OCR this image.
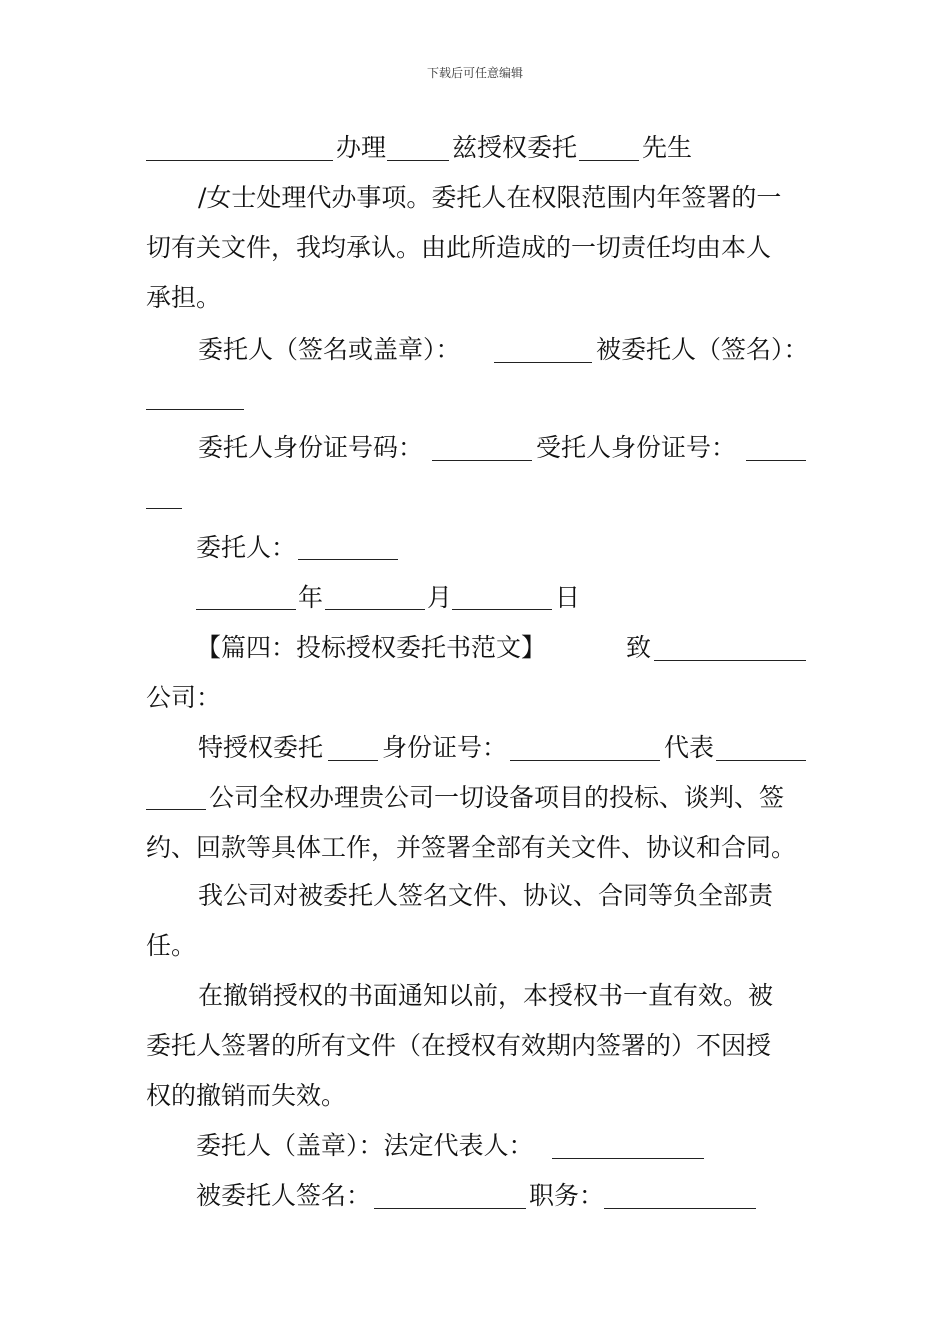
下载后可任意编辑
办理	兹授权委托	先生
/女士处理代办事项。委托人在权限范围内年签署的一
切有关文件，我均承认。由此所造成的一切责任均由本人
承担。
委托人（签名或盖章）：	被委托人（签名）：
委托人身份证号码：	受托人身份证号：
委托人：
年	月	日
【篇四：投标授权委托书范文】	致
公司：
特授权委托 身份证号：	代表
公司全权办理贵公司一切设备项目的投标、谈判、签
约、回款等具体工作，并签署全部有关文件、协议和合同。
我公司对被委托人签名文件、协议、合同等负全部责
任。
在撤销授权的书面通知以前，本授权书一直有效。被
委托人签署的所有文件（在授权有效期内签署的）不因授
权的撤销而失效。
委托人（盖章）：法定代表人：
被委托人签名：	职务：
